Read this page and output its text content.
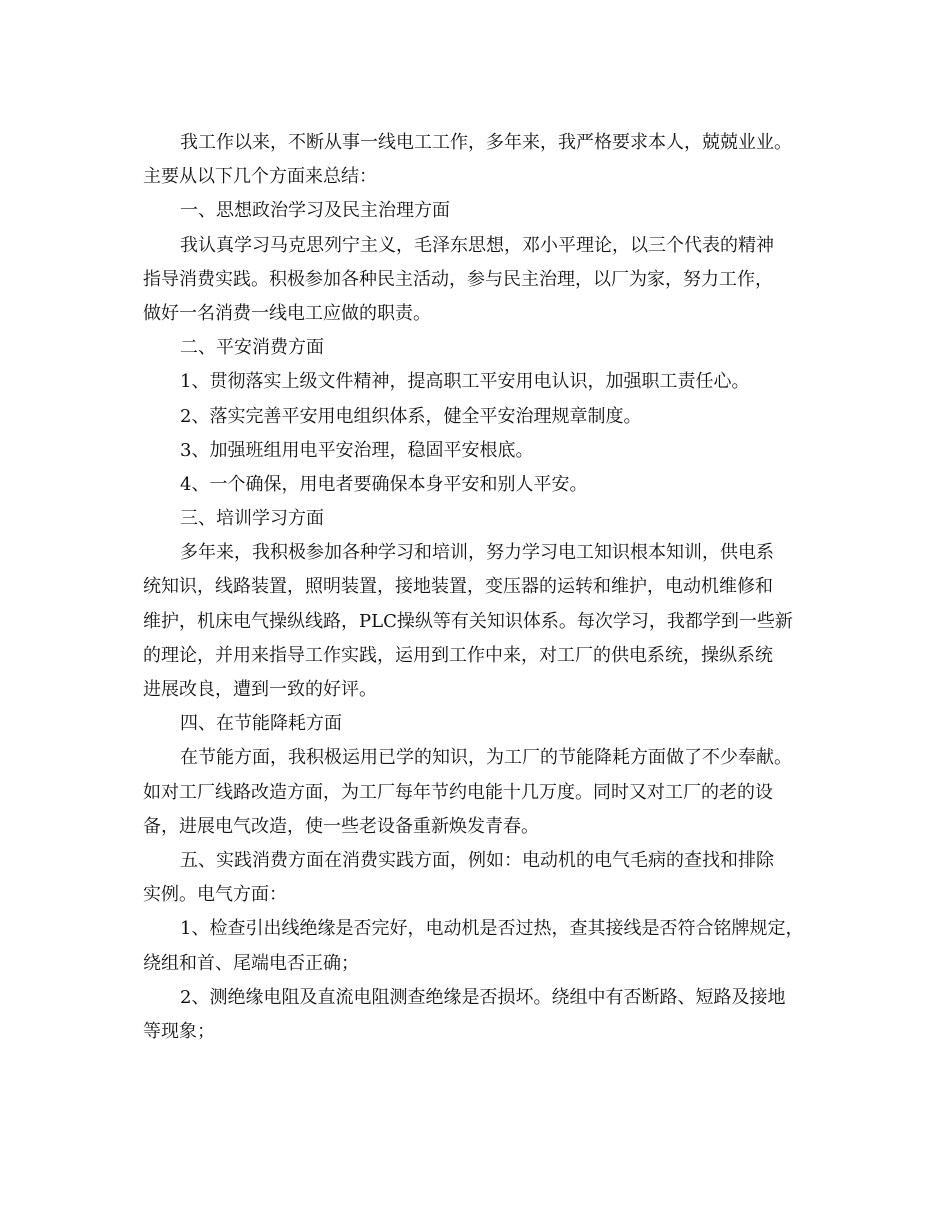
我工作以来，不断从事一线电工工作，多年来，我严格要求本人，兢兢业业。
主要从以下几个方面来总结：
一、思想政治学习及民主治理方面
我认真学习马克思列宁主义，毛泽东思想，邓小平理论，以三个代表的精神
指导消费实践。积极参加各种民主活动，参与民主治理，以厂为家，努力工作，
做好一名消费一线电工应做的职责。
二、平安消费方面
1、贯彻落实上级文件精神，提高职工平安用电认识，加强职工责任心。
2、落实完善平安用电组织体系，健全平安治理规章制度。
3、加强班组用电平安治理，稳固平安根底。
4、一个确保，用电者要确保本身平安和别人平安。
三、培训学习方面
多年来，我积极参加各种学习和培训，努力学习电工知识根本知训，供电系
统知识，线路装置，照明装置，接地装置，变压器的运转和维护，电动机维修和
维护，机床电气操纵线路，PLC操纵等有关知识体系。每次学习，我都学到一些新
的理论，并用来指导工作实践，运用到工作中来，对工厂的供电系统，操纵系统
进展改良，遭到一致的好评。
四、在节能降耗方面
在节能方面，我积极运用已学的知识，为工厂的节能降耗方面做了不少奉献。
如对工厂线路改造方面，为工厂每年节约电能十几万度。同时又对工厂的老的设
备，进展电气改造，使一些老设备重新焕发青春。
五、实践消费方面在消费实践方面，例如：电动机的电气毛病的查找和排除
实例。电气方面：
1、检查引出线绝缘是否完好，电动机是否过热，查其接线是否符合铭牌规定，
绕组和首、尾端电否正确；
2、测绝缘电阻及直流电阻测查绝缘是否损坏。绕组中有否断路、短路及接地
等现象；
